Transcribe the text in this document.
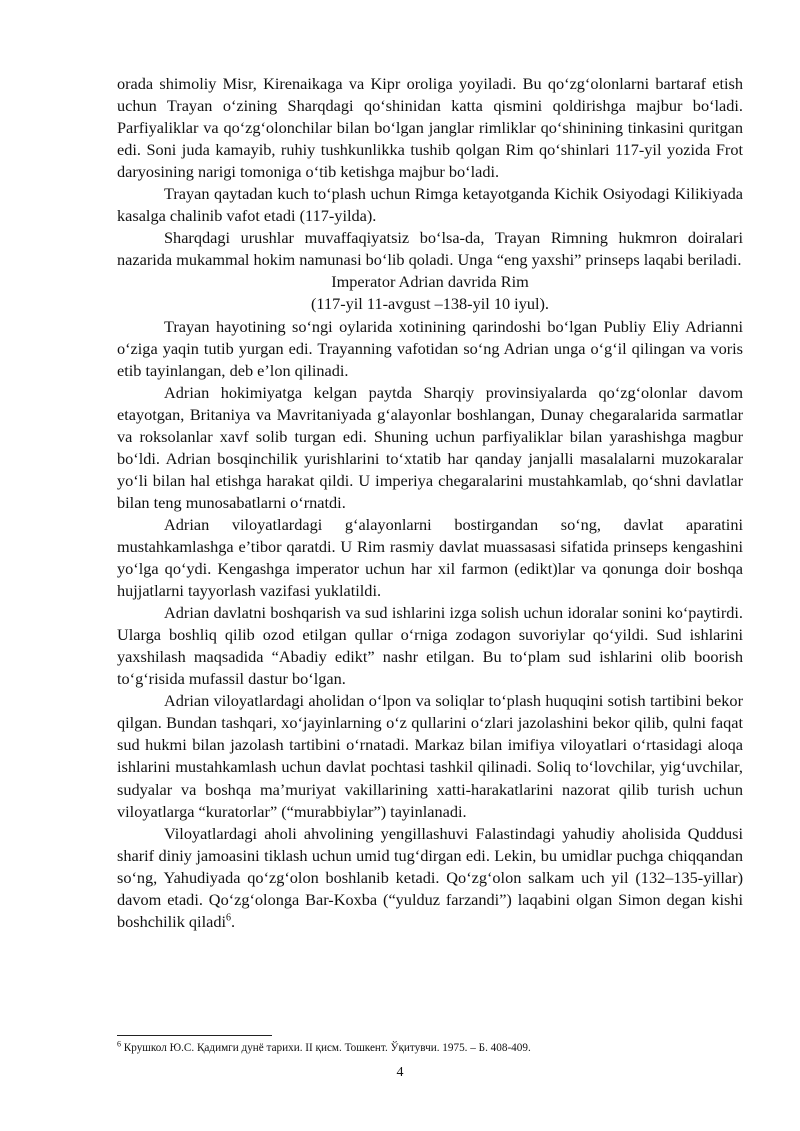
orada shimoliy Misr, Kirenaikaga va Kipr oroliga yoyiladi. Bu qo‘zg‘olonlarni bartaraf etish uchun Trayan o‘zining Sharqdagi qo‘shinidan katta qismini qoldirishga majbur bo‘ladi. Parfiyaliklar va qo‘zg‘olonchilar bilan bo‘lgan janglar rimliklar qo‘shinining tinkasini quritgan edi. Soni juda kamayib, ruhiy tushkunlikka tushib qolgan Rim qo‘shinlari 117-yil yozida Frot daryosining narigi tomoniga o‘tib ketishga majbur bo‘ladi.

Trayan qaytadan kuch to‘plash uchun Rimga ketayotganda Kichik Osiyodagi Kilikiyada kasalga chalinib vafot etadi (117-yilda).

Sharqdagi urushlar muvaffaqiyatsiz bo‘lsa-da, Trayan Rimning hukmron doiralari nazarida mukammal hokim namunasi bo‘lib qoladi. Unga “eng yaxshi” prinseps laqabi beriladi.

Imperator Adrian davrida Rim

(117-yil 11-avgust –138-yil 10 iyul).

Trayan hayotining so‘ngi oylarida xotinining qarindoshi bo‘lgan Publiy Eliy Adrianni o‘ziga yaqin tutib yurgan edi. Trayanning vafotidan so‘ng Adrian unga o‘g‘il qilingan va voris etib tayinlangan, deb e’lon qilinadi.

Adrian hokimiyatga kelgan paytda Sharqiy provinsiyalarda qo‘zg‘olonlar davom etayotgan, Britaniya va Mavritaniyada g‘alayonlar boshlangan, Dunay chegaralarida sarmatlar va roksolanlar xavf solib turgan edi. Shuning uchun parfiyaliklar bilan yarashishga magbur bo‘ldi. Adrian bosqinchilik yurishlarini to‘xtatib har qanday janjalli masalalarni muzokaralar yo‘li bilan hal etishga harakat qildi. U imperiya chegaralarini mustahkamlab, qo‘shni davlatlar bilan teng munosabatlarni o‘rnatdi.

Adrian viloyatlardagi g‘alayonlarni bostirgandan so‘ng, davlat aparatini mustahkamlashga e’tibor qaratdi. U Rim rasmiy davlat muassasasi sifatida prinseps kengashini yo‘lga qo‘ydi. Kengashga imperator uchun har xil farmon (edikt)lar va qonunga doir boshqa hujjatlarni tayyorlash vazifasi yuklatildi.

Adrian davlatni boshqarish va sud ishlarini izga solish uchun idoralar sonini ko‘paytirdi. Ularga boshliq qilib ozod etilgan qullar o‘rniga zodagon suvoriylar qo‘yildi. Sud ishlarini yaxshilash maqsadida “Abadiy edikt” nashr etilgan. Bu to‘plam sud ishlarini olib boorish to‘g‘risida mufassil dastur bo‘lgan.

Adrian viloyatlardagi aholidan o‘lpon va soliqlar to‘plash huquqini sotish tartibini bekor qilgan. Bundan tashqari, xo‘jayinlarning o‘z qullarini o‘zlari jazolashini bekor qilib, qulni faqat sud hukmi bilan jazolash tartibini o‘rnatadi. Markaz bilan imifiya viloyatlari o‘rtasidagi aloqa ishlarini mustahkamlash uchun davlat pochtasi tashkil qilinadi. Soliq to‘lovchilar, yig‘uvchilar, sudyalar va boshqa ma’muriyat vakillarining xatti-harakatlarini nazorat qilib turish uchun viloyatlarga “kuratorlar” (“murabbiylar”) tayinlanadi.

Viloyatlardagi aholi ahvolining yengillashuvi Falastindagi yahudiy aholisida Quddusi sharif diniy jamoasini tiklash uchun umid tug‘dirgan edi. Lekin, bu umidlar puchga chiqqandan so‘ng, Yahudiyada qo‘zg‘olon boshlanib ketadi. Qo‘zg‘olon salkam uch yil (132–135-yillar) davom etadi. Qo‘zg‘olonga Bar-Koxba (“yulduz farzandi”) laqabini olgan Simon degan kishi boshchilik qiladi$^6$.

$^6$ Крушкол Ю.С. Қадимги дунё тарихи. II қисм. Тошкент. Ўқитувчи. 1975. – Б. 408-409.
4
